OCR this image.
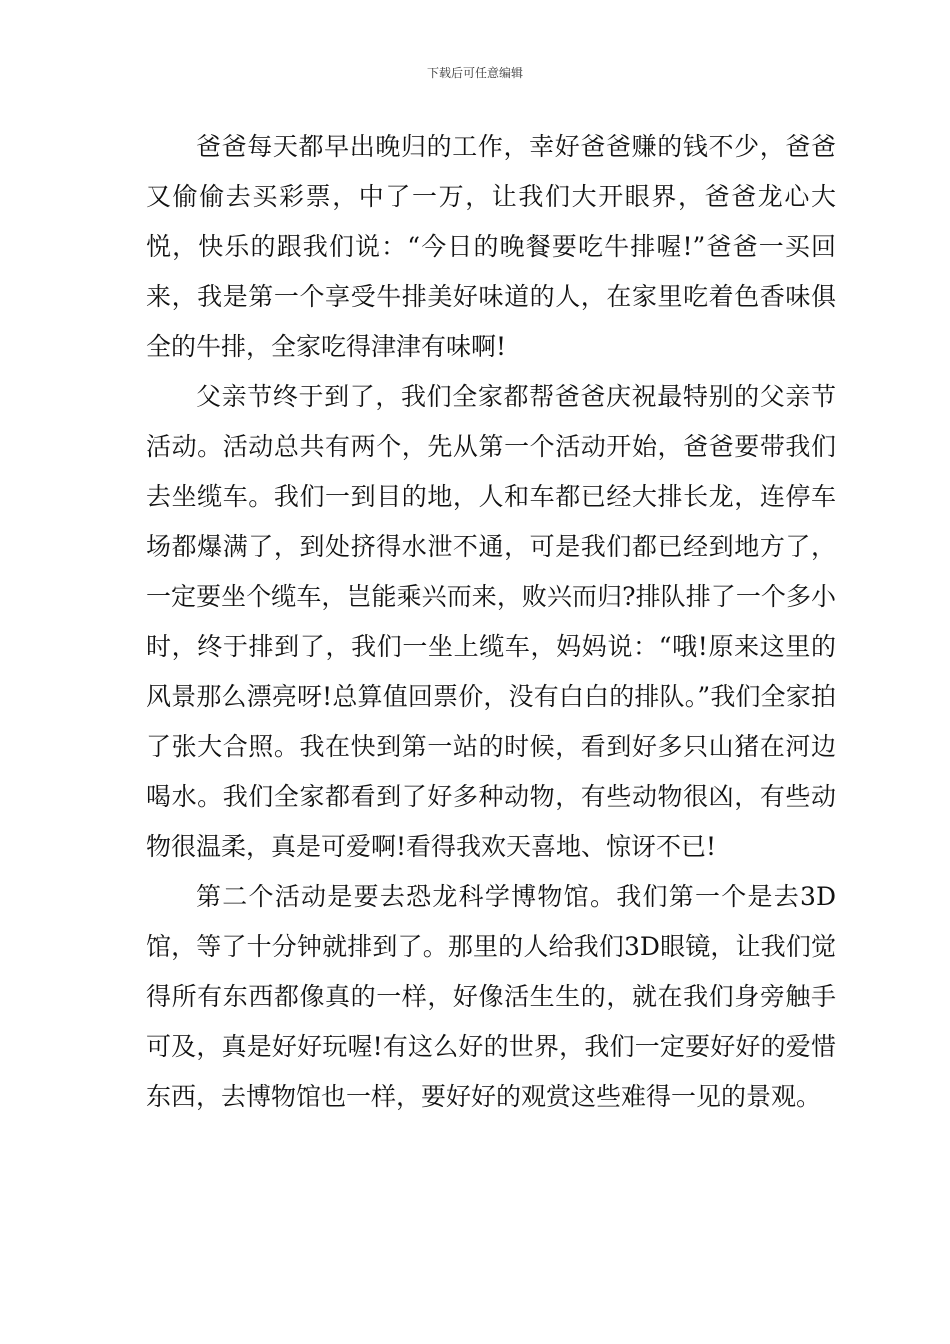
下载后可任意编辑

爸爸每天都早出晚归的工作，幸好爸爸赚的钱不少，爸爸又偷偷去买彩票，中了一万，让我们大开眼界，爸爸龙心大悦，快乐的跟我们说：“今日的晚餐要吃牛排喔!”爸爸一买回来，我是第一个享受牛排美好味道的人，在家里吃着色香味俱全的牛排，全家吃得津津有味啊!

父亲节终于到了，我们全家都帮爸爸庆祝最特别的父亲节活动。活动总共有两个，先从第一个活动开始，爸爸要带我们去坐缆车。我们一到目的地，人和车都已经大排长龙，连停车场都爆满了，到处挤得水泄不通，可是我们都已经到地方了，一定要坐个缆车，岂能乘兴而来，败兴而归?排队排了一个多小时，终于排到了，我们一坐上缆车，妈妈说：“哦!原来这里的风景那么漂亮呀!总算值回票价，没有白白的排队。”我们全家拍了张大合照。我在快到第一站的时候，看到好多只山猪在河边喝水。我们全家都看到了好多种动物，有些动物很凶，有些动物很温柔，真是可爱啊!看得我欢天喜地、惊讶不已!

第二个活动是要去恐龙科学博物馆。我们第一个是去3D馆，等了十分钟就排到了。那里的人给我们3D眼镜，让我们觉得所有东西都像真的一样，好像活生生的，就在我们身旁触手可及，真是好好玩喔!有这么好的世界，我们一定要好好的爱惜东西，去博物馆也一样，要好好的观赏这些难得一见的景观。
